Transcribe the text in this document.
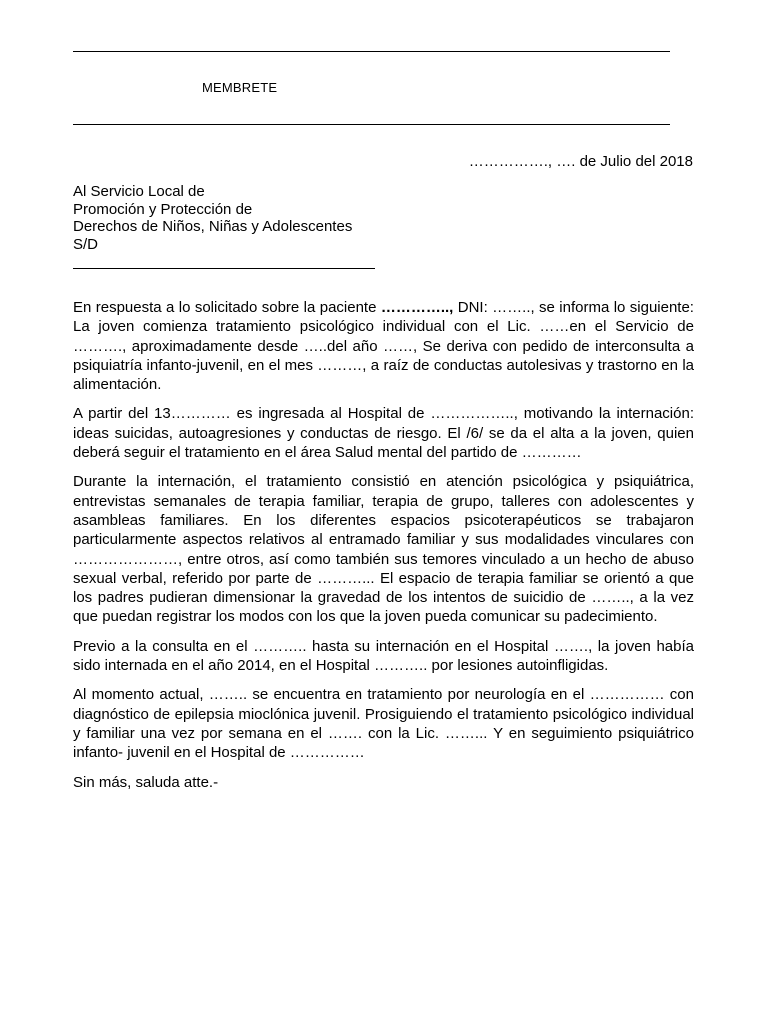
MEMBRETE
……………., …. de Julio del 2018
Al Servicio Local de
Promoción y Protección de
Derechos de Niños, Niñas y Adolescentes
S/D

En respuesta a lo solicitado sobre la paciente ………….., DNI: …….., se informa lo siguiente: La joven comienza tratamiento psicológico individual con el Lic. ……en el Servicio de ………., aproximadamente desde …..del año ……, Se deriva con pedido de interconsulta a psiquiatría infanto-juvenil, en el mes ………, a raíz de conductas autolesivas y trastorno en la alimentación.

A partir del 13………… es ingresada al Hospital de …………….., motivando la internación: ideas suicidas, autoagresiones y conductas de riesgo. El /6/ se da el alta a la joven, quien deberá seguir el tratamiento en el área Salud mental del partido de …………

Durante la internación, el tratamiento consistió en atención psicológica y psiquiátrica, entrevistas semanales de terapia familiar, terapia de grupo, talleres con adolescentes y asambleas familiares. En los diferentes espacios psicoterapéuticos se trabajaron particularmente aspectos relativos al entramado familiar y sus modalidades vinculares con …………………, entre otros, así como también sus temores vinculado a un hecho de abuso sexual verbal, referido por parte de ………... El espacio de terapia familiar se orientó a que los padres pudieran dimensionar la gravedad de los intentos de suicidio de …….., a la vez que puedan registrar los modos con los que la joven pueda comunicar su padecimiento.

Previo a la consulta en el ……….. hasta su internación en el Hospital ……., la joven había sido internada en el año 2014, en el Hospital ……….. por lesiones autoinfligidas.

Al momento actual, …….. se encuentra en tratamiento por neurología en el …………… con diagnóstico de epilepsia mioclónica juvenil. Prosiguiendo el tratamiento psicológico individual y familiar una vez por semana en el ……. con la Lic. ……... Y en seguimiento psiquiátrico infanto- juvenil en el Hospital de ……………

Sin más, saluda atte.-
